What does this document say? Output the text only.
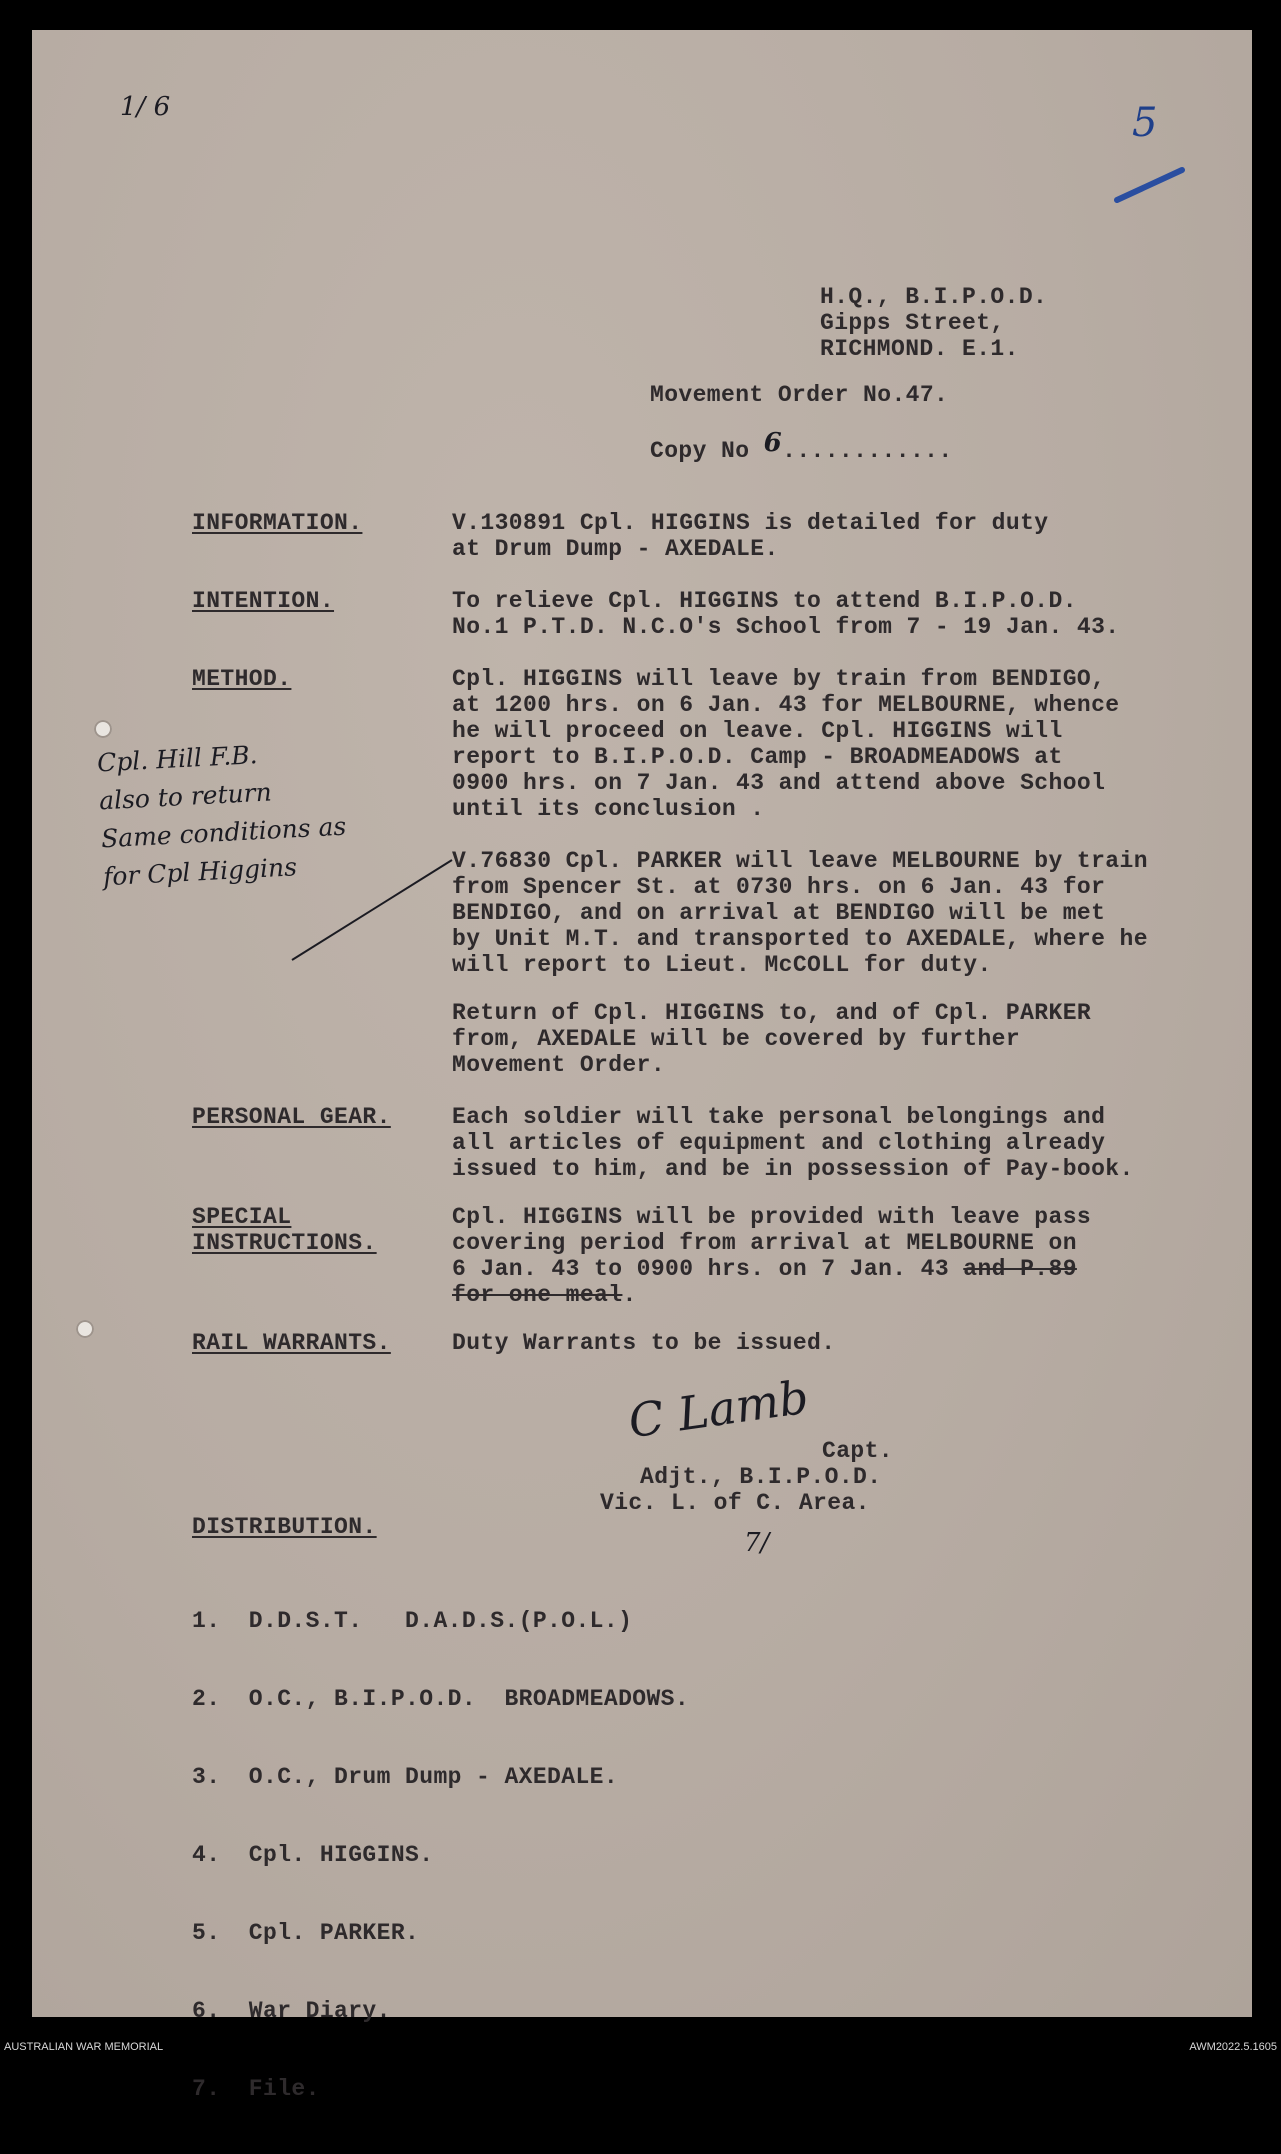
1/ 6	5
H.Q., B.I.P.O.D.
Gipps Street,
RICHMOND. E.1.
Movement Order No.47.
Copy No 6............
INFORMATION.	V.130891 Cpl. HIGGINS is detailed for duty
at Drum Dump - AXEDALE.
INTENTION.	To relieve Cpl. HIGGINS to attend B.I.P.O.D.
No.1 P.T.D. N.C.O's School from 7 - 19 Jan. 43.
METHOD.	Cpl. HIGGINS will leave by train from BENDIGO,
at 1200 hrs. on 6 Jan. 43 for MELBOURNE, whence
he will proceed on leave. Cpl. HIGGINS will
report to B.I.P.O.D. Camp - BROADMEADOWS at
0900 hrs. on 7 Jan. 43 and attend above School
until its conclusion .
V.76830 Cpl. PARKER will leave MELBOURNE by train
from Spencer St. at 0730 hrs. on 6 Jan. 43 for
BENDIGO, and on arrival at BENDIGO will be met
by Unit M.T. and transported to AXEDALE, where he
will report to Lieut. McCOLL for duty.
Return of Cpl. HIGGINS to, and of Cpl. PARKER
from, AXEDALE will be covered by further
Movement Order.
Cpl. Hill F.B.
also to return
Same conditions as
for Cpl Higgins
PERSONAL GEAR.	Each soldier will take personal belongings and
all articles of equipment and clothing already
issued to him, and be in possession of Pay-book.
SPECIAL
INSTRUCTIONS.
Cpl. HIGGINS will be provided with leave pass
covering period from arrival at MELBOURNE on
6 Jan. 43 to 0900 hrs. on 7 Jan. 43 and P.89
for one meal.
RAIL WARRANTS.	Duty Warrants to be issued.
C Lamb
Capt.
Adjt., B.I.P.O.D.
Vic. L. of C. Area.
7/
DISTRIBUTION.

1.  D.D.S.T.   D.A.D.S.(P.O.L.)

2.  O.C., B.I.P.O.D.  BROADMEADOWS.

3.  O.C., Drum Dump - AXEDALE.

4.  Cpl. HIGGINS.

5.  Cpl. PARKER.

6.  War Diary.

7.  File.

AUSTRALIAN WAR MEMORIAL	AWM2022.5.1605
